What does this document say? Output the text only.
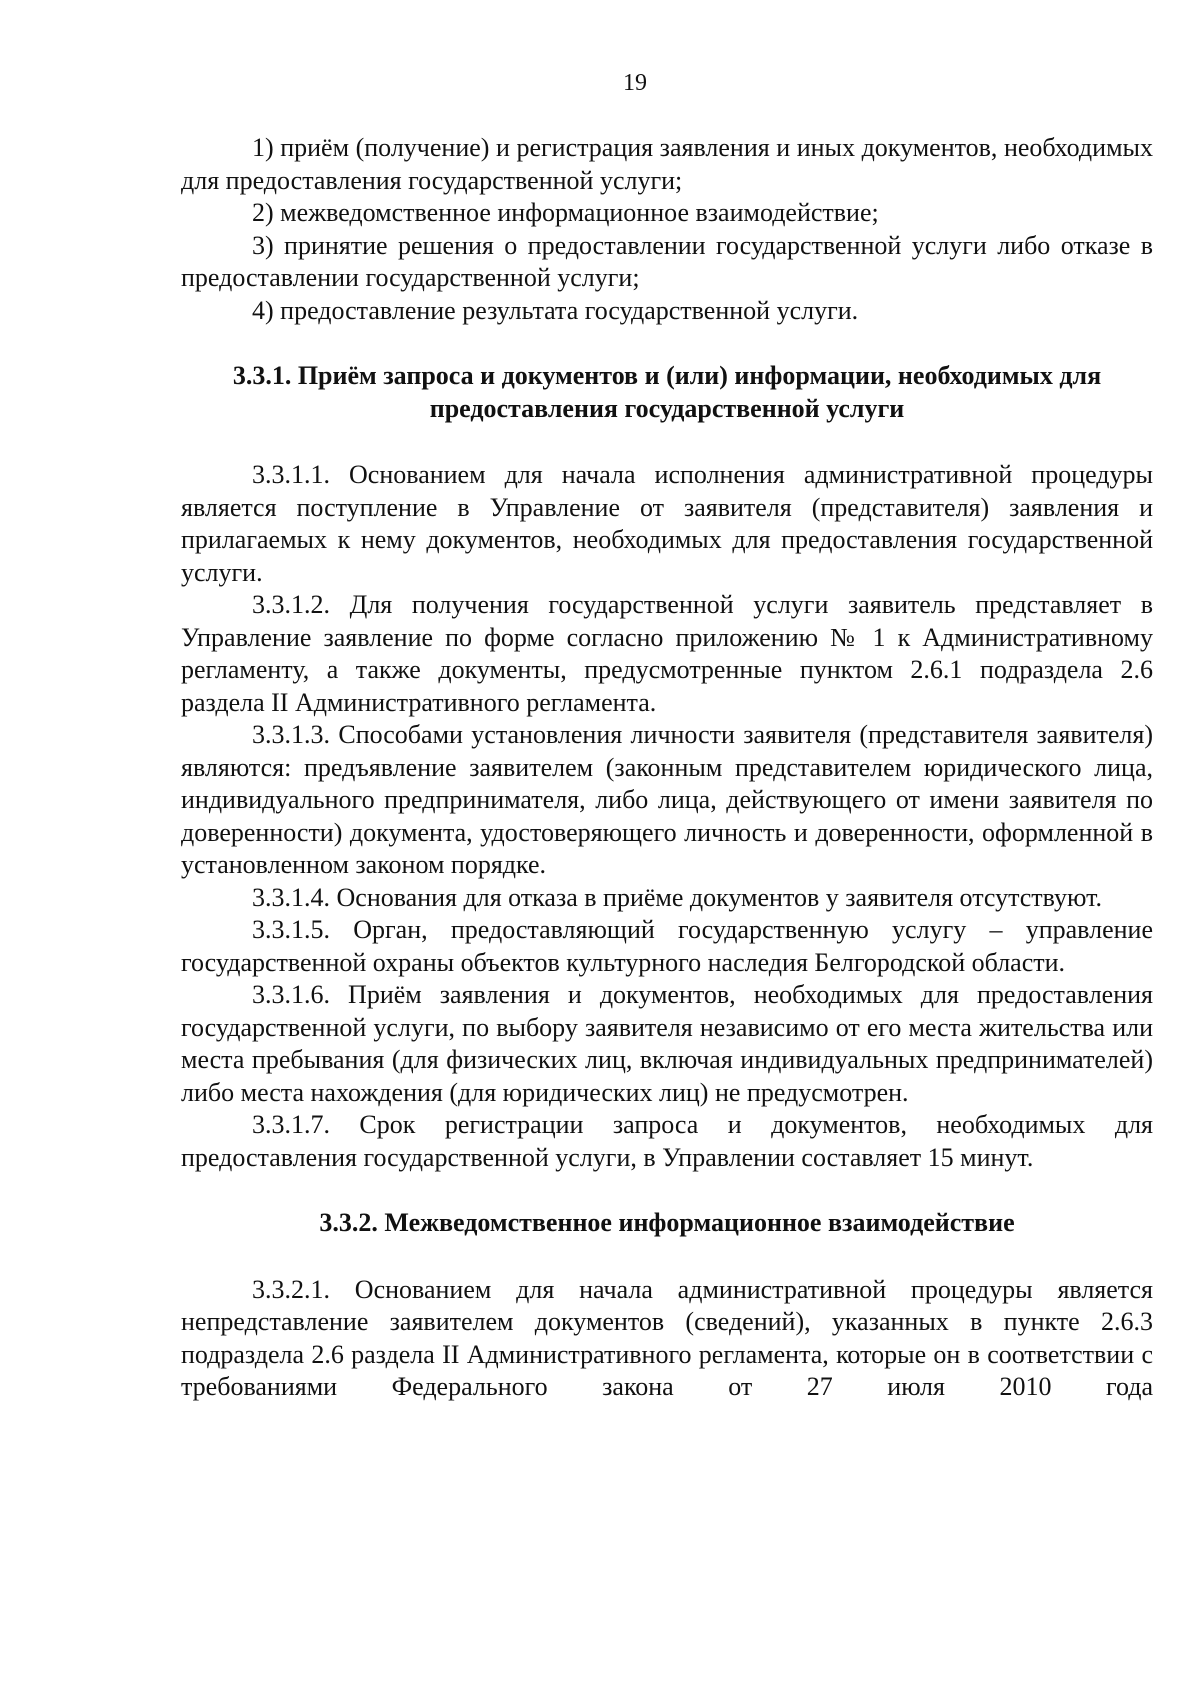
19

1) приём (получение) и регистрация заявления и иных документов, необходимых для предоставления государственной услуги;

2) межведомственное информационное взаимодействие;

3) принятие решения о предоставлении государственной услуги либо отказе в предоставлении государственной услуги;

4) предоставление результата государственной услуги.

3.3.1. Приём запроса и документов и (или) информации, необходимых для предоставления государственной услуги

3.3.1.1. Основанием для начала исполнения административной процедуры является поступление в Управление от заявителя (представителя) заявления и прилагаемых к нему документов, необходимых для предоставления государственной услуги.

3.3.1.2. Для получения государственной услуги заявитель представляет в Управление заявление по форме согласно приложению № 1 к Административному регламенту, а также документы, предусмотренные пунктом 2.6.1 подраздела 2.6 раздела II Административного регламента.

3.3.1.3. Способами установления личности заявителя (представителя заявителя) являются: предъявление заявителем (законным представителем юридического лица, индивидуального предпринимателя, либо лица, действующего от имени заявителя по доверенности) документа, удостоверяющего личность и доверенности, оформленной в установленном законом порядке.

3.3.1.4. Основания для отказа в приёме документов у заявителя отсутствуют.

3.3.1.5. Орган, предоставляющий государственную услугу – управление государственной охраны объектов культурного наследия Белгородской области.

3.3.1.6. Приём заявления и документов, необходимых для предоставления государственной услуги, по выбору заявителя независимо от его места жительства или места пребывания (для физических лиц, включая индивидуальных предпринимателей) либо места нахождения (для юридических лиц) не предусмотрен.

3.3.1.7. Срок регистрации запроса и документов, необходимых для предоставления государственной услуги, в Управлении составляет 15 минут.

3.3.2. Межведомственное информационное взаимодействие

3.3.2.1. Основанием для начала административной процедуры является непредставление заявителем документов (сведений), указанных в пункте 2.6.3 подраздела 2.6 раздела II Административного регламента, которые он в соответствии с требованиями Федерального закона от 27 июля 2010 года
